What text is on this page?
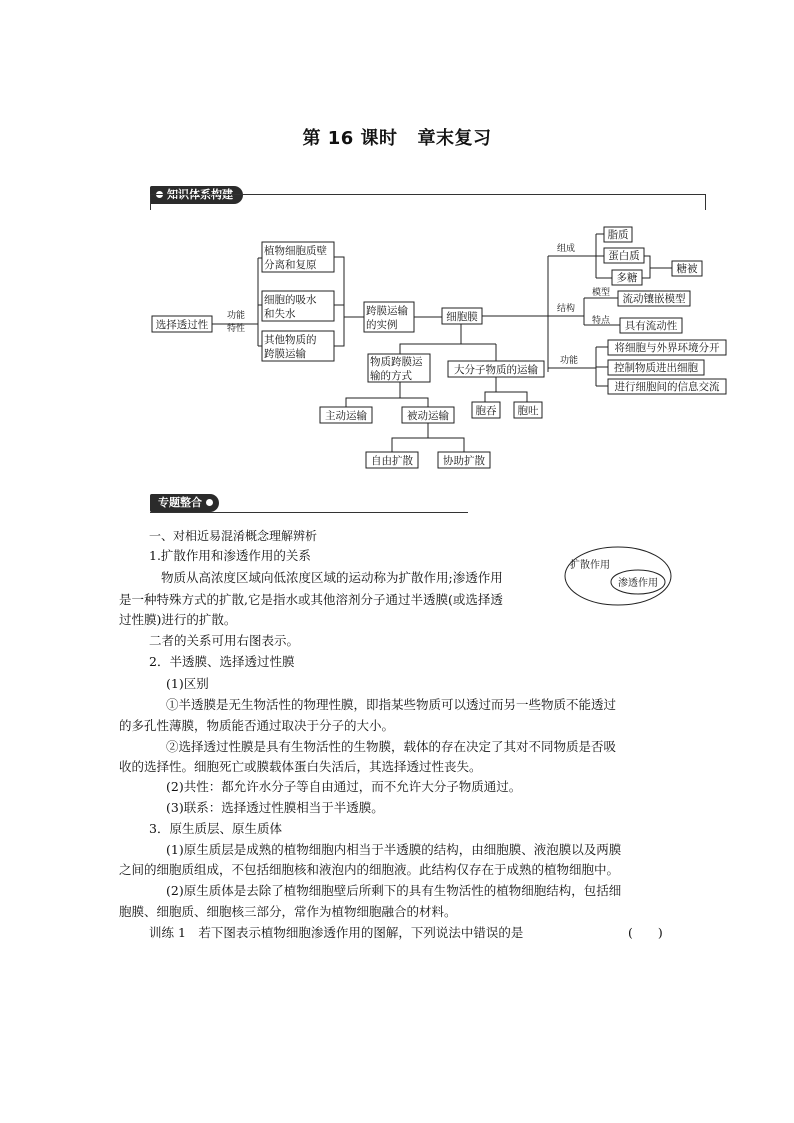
第 16 课时 章末复习
知识体系构建
选择透过性
功能
特性
植物细胞质壁
分离和复原
细胞的吸水
和失水
其他物质的
跨膜运输
跨膜运输
的实例
细胞膜
物质跨膜运
输的方式	大分子物质的运输
主动运输	被动运输
自由扩散	协助扩散
胞吞 胞吐
组成
脂质
蛋白质
多糖
糖被
结构
模型 流动镶嵌模型
特点 具有流动性
功能
将细胞与外界环境分开
控制物质进出细胞
进行细胞间的信息交流
专题整合
扩散作用
渗透作用
一、对相近易混淆概念理解辨析
1.扩散作用和渗透作用的关系
物质从高浓度区域向低浓度区域的运动称为扩散作用;渗透作用
是一种特殊方式的扩散,它是指水或其他溶剂分子通过半透膜(或选择透
过性膜)进行的扩散。
二者的关系可用右图表示。
2．半透膜、选择透过性膜
(1)区别
①半透膜是无生物活性的物理性膜，即指某些物质可以透过而另一些物质不能透过
的多孔性薄膜，物质能否通过取决于分子的大小。
②选择透过性膜是具有生物活性的生物膜，载体的存在决定了其对不同物质是否吸
收的选择性。细胞死亡或膜载体蛋白失活后，其选择透过性丧失。
(2)共性：都允许水分子等自由通过，而不允许大分子物质通过。
(3)联系：选择透过性膜相当于半透膜。
3．原生质层、原生质体
(1)原生质层是成熟的植物细胞内相当于半透膜的结构，由细胞膜、液泡膜以及两膜
之间的细胞质组成，不包括细胞核和液泡内的细胞液。此结构仅存在于成熟的植物细胞中。
(2)原生质体是去除了植物细胞壁后所剩下的具有生物活性的植物细胞结构，包括细
胞膜、细胞质、细胞核三部分，常作为植物细胞融合的材料。
训练 1　若下图表示植物细胞渗透作用的图解，下列说法中错误的是	(　　)
